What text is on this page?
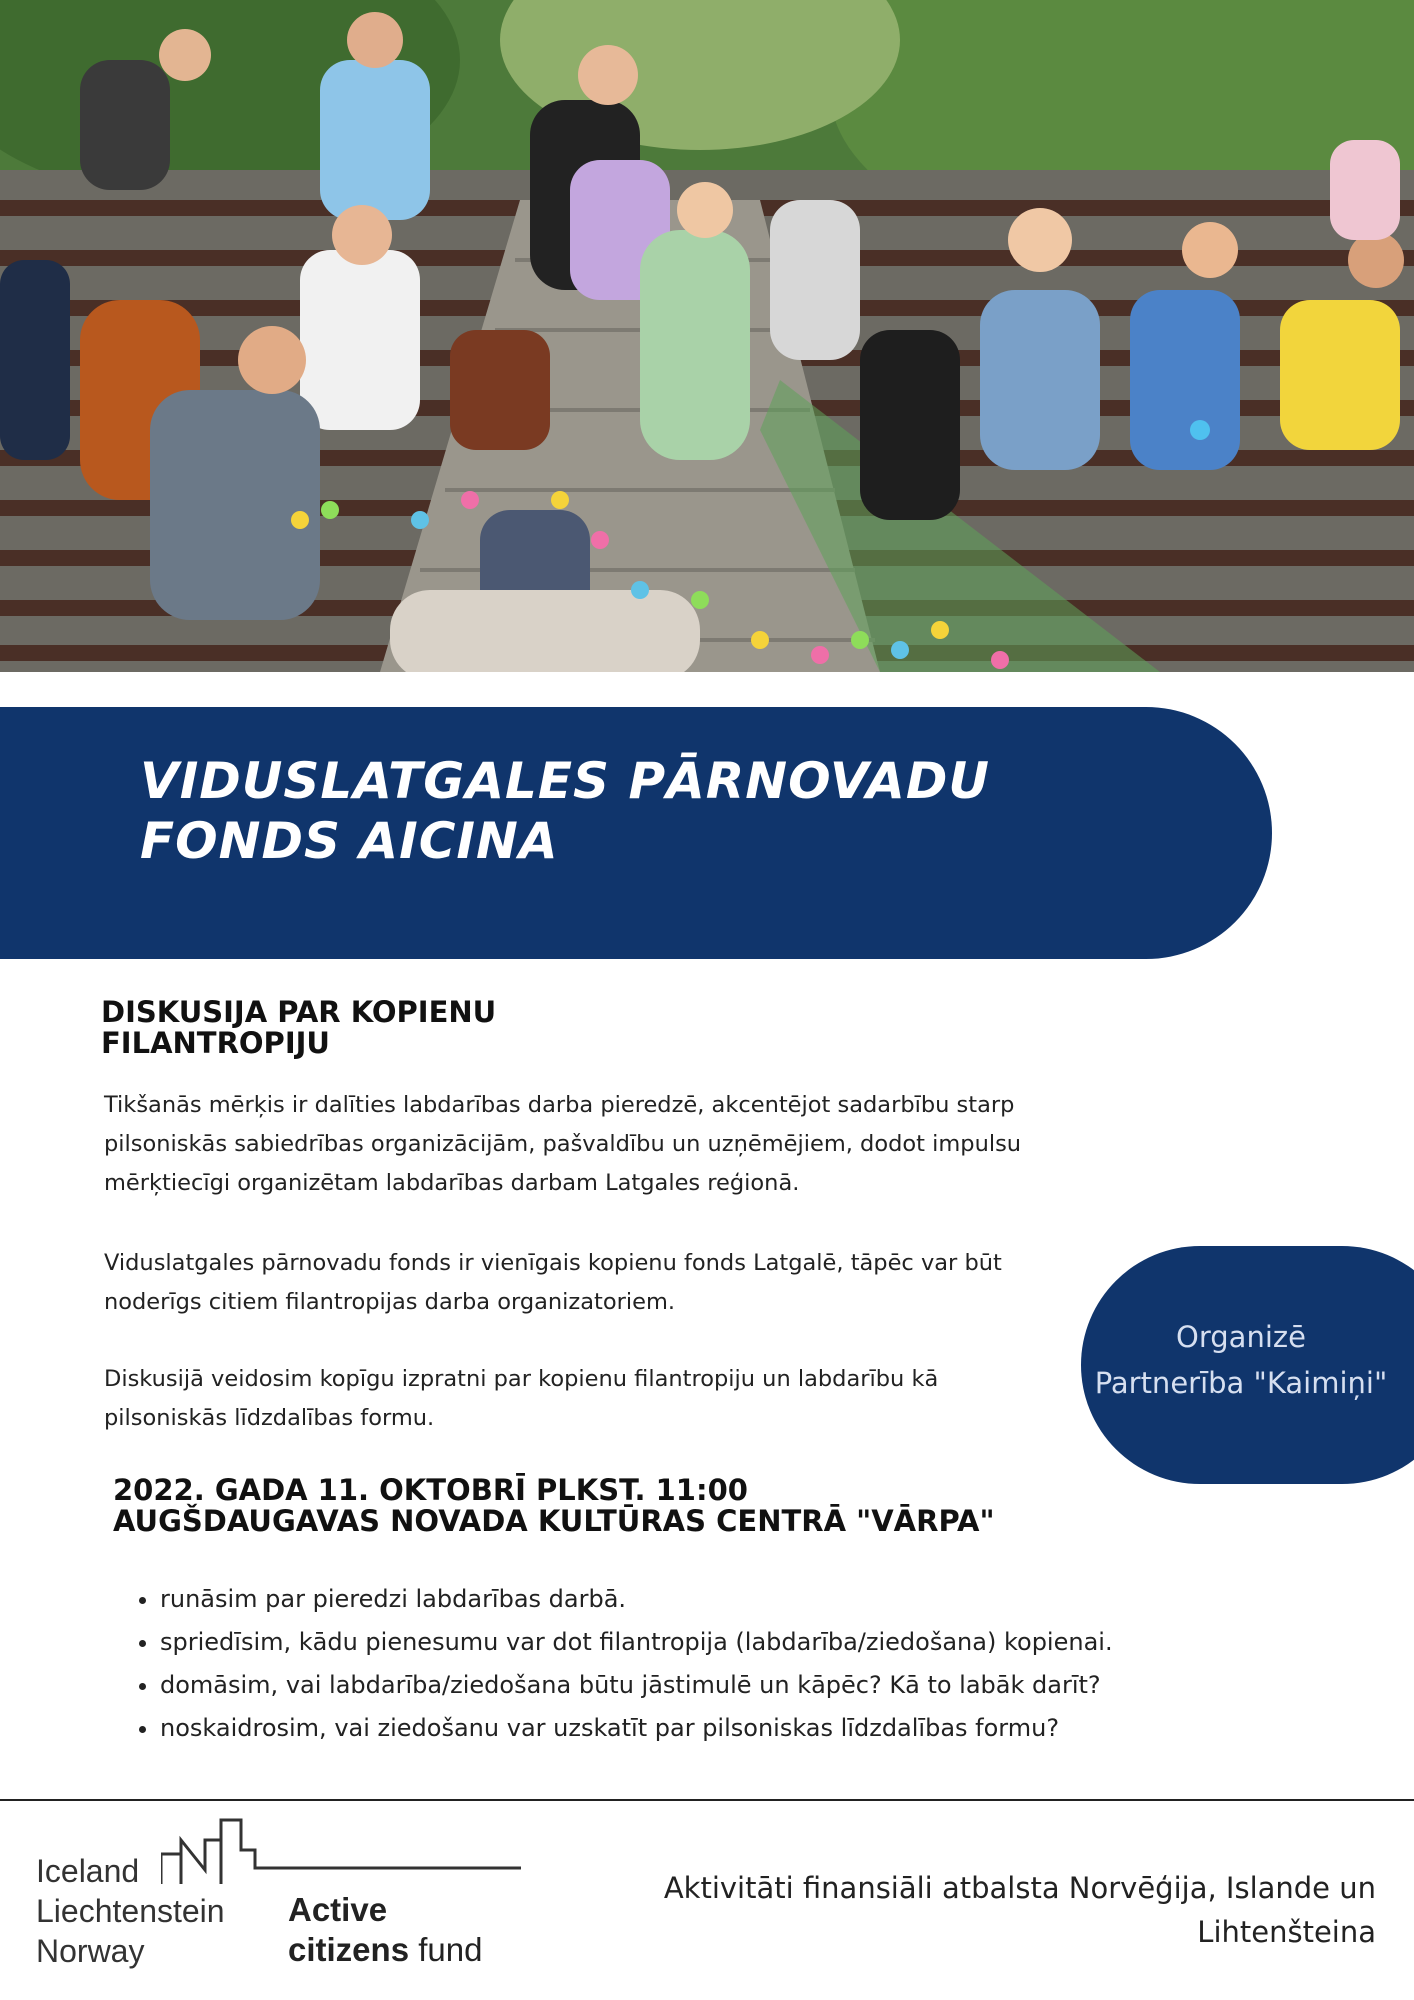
VIDUSLATGALES PĀRNOVADU
FONDS AICINA
DISKUSIJA PAR KOPIENU
FILANTROPIJU

Tikšanās mērķis ir dalīties labdarības darba pieredzē, akcentējot sadarbību starp
pilsoniskās sabiedrības organizācijām, pašvaldību un uzņēmējiem, dodot impulsu
mērķtiecīgi organizētam labdarības darbam Latgales reģionā.

Viduslatgales pārnovadu fonds ir vienīgais kopienu fonds Latgalē, tāpēc var būt
noderīgs citiem filantropijas darba organizatoriem.

Diskusijā veidosim kopīgu izpratni par kopienu filantropiju un labdarību kā
pilsoniskās līdzdalības formu.

Organizē
Partnerība "Kaimiņi"
2022. GADA 11. OKTOBRĪ PLKST. 11:00
AUGŠDAUGAVAS NOVADA KULTŪRAS CENTRĀ "VĀRPA"
• runāsim par pieredzi labdarības darbā.
• spriedīsim, kādu pienesumu var dot filantropija (labdarība/ziedošana) kopienai.
• domāsim, vai labdarība/ziedošana būtu jāstimulē un kāpēc? Kā to labāk darīt?
• noskaidrosim, vai ziedošanu var uzskatīt par pilsoniskas līdzdalības formu?
Iceland
Liechtenstein
Norway
Active
citizens fund

Aktivitāti finansiāli atbalsta Norvēģija, Islande un
Lihtenšteina
